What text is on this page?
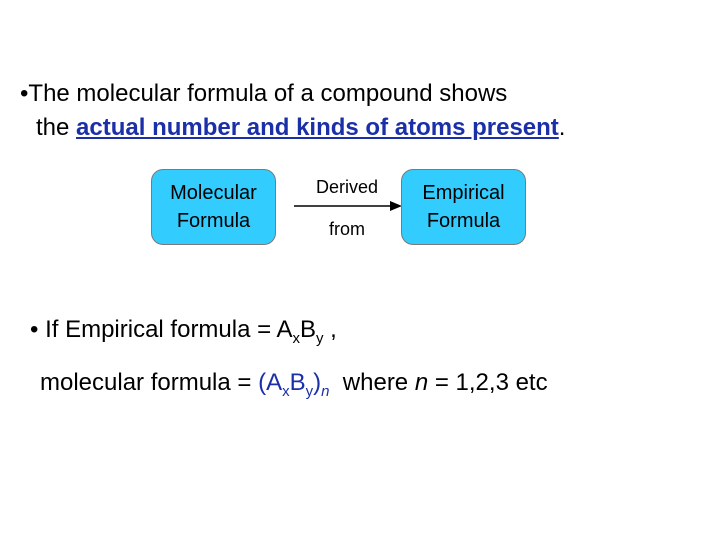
•The molecular formula of a compound shows
the actual number and kinds of atoms present.
Molecular
Formula
Derived
from
Empirical
Formula
• If Empirical formula = $A_xB_y$ ,
molecular formula = $(A_xB_y)_n$  where n = 1,2,3 etc
